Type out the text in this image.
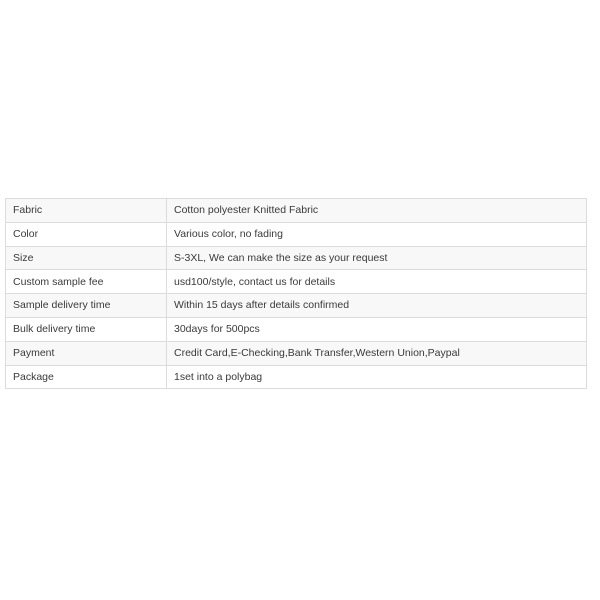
Fabric	Cotton polyester Knitted Fabric
Color	Various color, no fading
Size	S-3XL, We can make the size as your request
Custom sample fee	usd100/style, contact us for details
Sample delivery time	Within 15 days after details confirmed
Bulk delivery time	30days for 500pcs
Payment	Credit Card,E-Checking,Bank Transfer,Western Union,Paypal
Package	1set into a polybag
